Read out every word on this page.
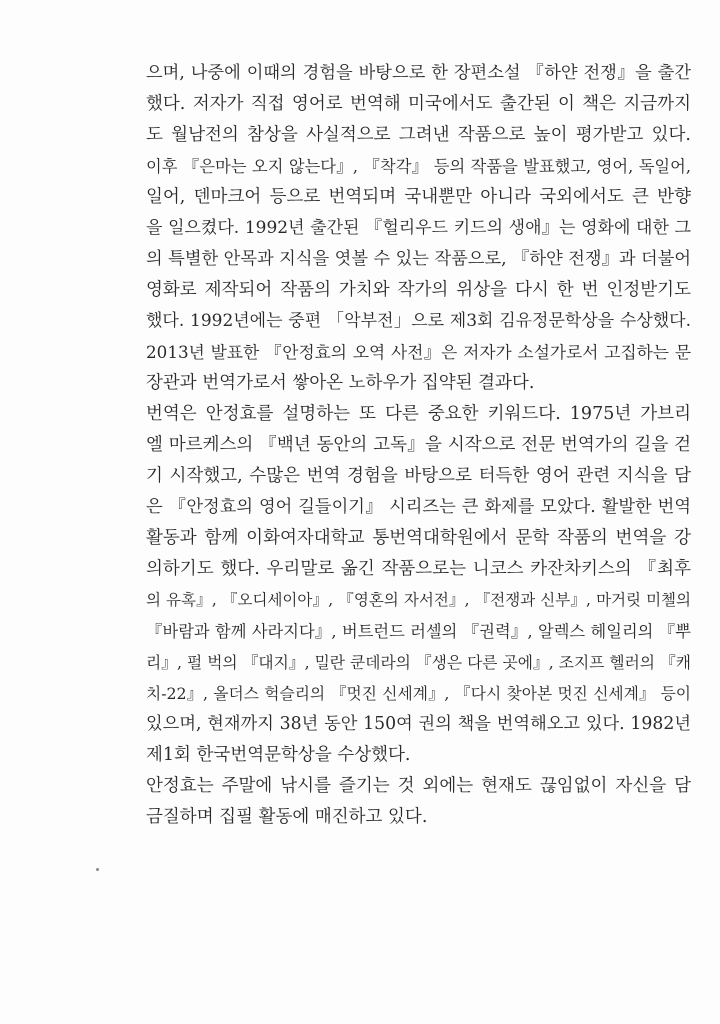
으며, 나중에 이때의 경험을 바탕으로 한 장편소설 『하얀 전쟁』을 출간
했다. 저자가 직접 영어로 번역해 미국에서도 출간된 이 책은 지금까지
도 월남전의 참상을 사실적으로 그려낸 작품으로 높이 평가받고 있다.
이후 『은마는 오지 않는다』, 『착각』 등의 작품을 발표했고, 영어, 독일어,
일어, 덴마크어 등으로 번역되며 국내뿐만 아니라 국외에서도 큰 반향
을 일으켰다. 1992년 출간된 『헐리우드 키드의 생애』는 영화에 대한 그
의 특별한 안목과 지식을 엿볼 수 있는 작품으로, 『하얀 전쟁』과 더불어
영화로 제작되어 작품의 가치와 작가의 위상을 다시 한 번 인정받기도
했다. 1992년에는 중편 「악부전」으로 제3회 김유정문학상을 수상했다.
2013년 발표한 『안정효의 오역 사전』은 저자가 소설가로서 고집하는 문
장관과 번역가로서 쌓아온 노하우가 집약된 결과다.
번역은 안정효를 설명하는 또 다른 중요한 키워드다. 1975년 가브리
엘 마르케스의 『백년 동안의 고독』을 시작으로 전문 번역가의 길을 걷
기 시작했고, 수많은 번역 경험을 바탕으로 터득한 영어 관련 지식을 담
은 『안정효의 영어 길들이기』 시리즈는 큰 화제를 모았다. 활발한 번역
활동과 함께 이화여자대학교 통번역대학원에서 문학 작품의 번역을 강
의하기도 했다. 우리말로 옮긴 작품으로는 니코스 카잔차키스의 『최후
의 유혹』, 『오디세이아』, 『영혼의 자서전』, 『전쟁과 신부』, 마거릿 미첼의
『바람과 함께 사라지다』, 버트런드 러셀의 『권력』, 알렉스 헤일리의 『뿌
리』, 펄 벅의 『대지』, 밀란 쿤데라의 『생은 다른 곳에』, 조지프 헬러의 『캐
치-22』, 올더스 헉슬리의 『멋진 신세계』, 『다시 찾아본 멋진 신세계』 등이
있으며, 현재까지 38년 동안 150여 권의 책을 번역해오고 있다. 1982년
제1회 한국번역문학상을 수상했다.
안정효는 주말에 낚시를 즐기는 것 외에는 현재도 끊임없이 자신을 담
금질하며 집필 활동에 매진하고 있다.
